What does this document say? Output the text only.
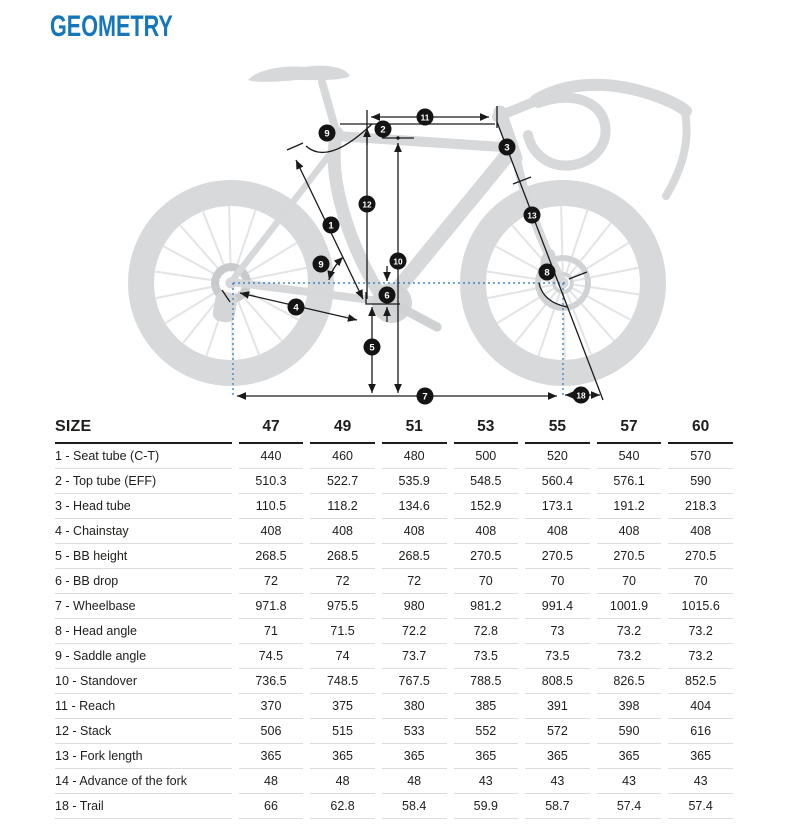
GEOMETRY
1
2
3
4
5
6
7
8
9
9	10
11
12
13
18
SIZE	47	49	51	53	55	57	60
1 - Seat tube (C-T)	440	460	480	500	520	540	570
2 - Top tube (EFF)	510.3	522.7	535.9	548.5	560.4	576.1	590
3 - Head tube	110.5	118.2	134.6	152.9	173.1	191.2	218.3
4 - Chainstay	408	408	408	408	408	408	408
5 - BB height	268.5	268.5	268.5	270.5	270.5	270.5	270.5
6 - BB drop	72	72	72	70	70	70	70
7 - Wheelbase	971.8	975.5	980	981.2	991.4	1001.9	1015.6
8 - Head angle	71	71.5	72.2	72.8	73	73.2	73.2
9 - Saddle angle	74.5	74	73.7	73.5	73.5	73.2	73.2
10 - Standover	736.5	748.5	767.5	788.5	808.5	826.5	852.5
11 - Reach	370	375	380	385	391	398	404
12 - Stack	506	515	533	552	572	590	616
13 - Fork length	365	365	365	365	365	365	365
14 - Advance of the fork	48	48	48	43	43	43	43
18 - Trail	66	62.8	58.4	59.9	58.7	57.4	57.4
